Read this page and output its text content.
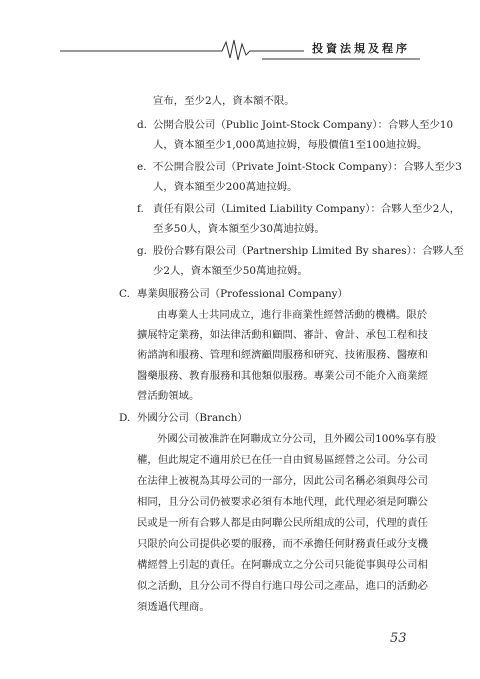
投資法規及程序
宣布，至少2人，資本額不限。
d. 公開合股公司（Public Joint-Stock Company）：合夥人至少10
人，資本額至少1,000萬迪拉姆，每股價值1至100迪拉姆。
e. 不公開合股公司（Private Joint-Stock Company）：合夥人至少3
人，資本額至少200萬迪拉姆。
f. 責任有限公司（Limited Liability Company）：合夥人至少2人，
至多50人，資本額至少30萬迪拉姆。
g. 股份合夥有限公司（Partnership Limited By shares）：合夥人至
少2人，資本額至少50萬迪拉姆。
C. 專業與服務公司（Professional Company）
由專業人士共同成立，進行非商業性經營活動的機構。限於
擴展特定業務，如法律活動和顧問、審計、會計、承包工程和技
術諮詢和服務、管理和經濟顧問服務和研究、技術服務、醫療和
醫藥服務、教育服務和其他類似服務。專業公司不能介入商業經
營活動領域。
D. 外國分公司（Branch）
外國公司被准許在阿聯成立分公司，且外國公司100%享有股
權，但此規定不適用於已在任一自由貿易區經營之公司。分公司
在法律上被視為其母公司的一部分，因此公司名稱必須與母公司
相同，且分公司仍被要求必須有本地代理，此代理必須是阿聯公
民或是一所有合夥人都是由阿聯公民所組成的公司，代理的責任
只限於向公司提供必要的服務，而不承擔任何財務責任或分支機
構經營上引起的責任。在阿聯成立之分公司只能從事與母公司相
似之活動，且分公司不得自行進口母公司之產品，進口的活動必
須透過代理商。
53
